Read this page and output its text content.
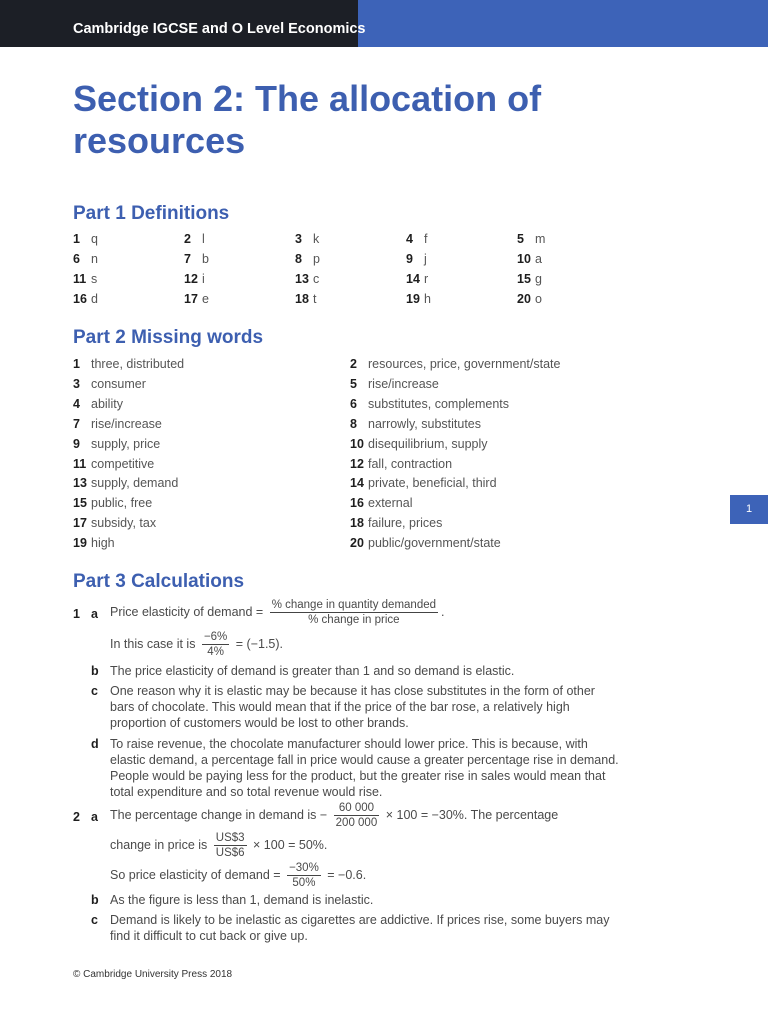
Cambridge IGCSE and O Level Economics
Section 2: The allocation of resources
Part 1 Definitions
1 q	2 l	3 k	4 f	5 m
6 n	7 b	8 p	9 j	10 a
11 s	12 i	13 c	14 r	15 g
16 d	17 e	18 t	19 h	20 o
Part 2 Missing words
1 three, distributed
3 consumer
4 ability
7 rise/increase
9 supply, price
11 competitive
13 supply, demand
15 public, free
17 subsidy, tax
19 high
2 resources, price, government/state
5 rise/increase
6 substitutes, complements
8 narrowly, substitutes
10 disequilibrium, supply
12 fall, contraction
14 private, beneficial, third
16 external
18 failure, prices
20 public/government/state
Part 3 Calculations
1 a Price elasticity of demand = $\frac{\text{\% change in quantity demanded}}{\text{\% change in price}}$ .
In this case it is $\frac{-6\%}{4\%} = (-1.5)$.
b The price elasticity of demand is greater than 1 and so demand is elastic.
c One reason why it is elastic may be because it has close substitutes in the form of other bars of chocolate. This would mean that if the price of the bar rose, a relatively high proportion of customers would be lost to other brands.
d To raise revenue, the chocolate manufacturer should lower price. This is because, with elastic demand, a percentage fall in price would cause a greater percentage rise in demand. People would be paying less for the product, but the greater rise in sales would mean that total expenditure and so total revenue would rise.
2 a The percentage change in demand is − $\frac{60 000}{200 000} \times 100 = -30\%$. The percentage
change in price is $\frac{US\$3}{US\$6} \times 100 = 50\%$.
So price elasticity of demand = $\frac{-30\%}{50\%} = -0.6$.
b As the figure is less than 1, demand is inelastic.
c Demand is likely to be inelastic as cigarettes are addictive. If prices rise, some buyers may find it difficult to cut back or give up.
1
© Cambridge University Press 2018
